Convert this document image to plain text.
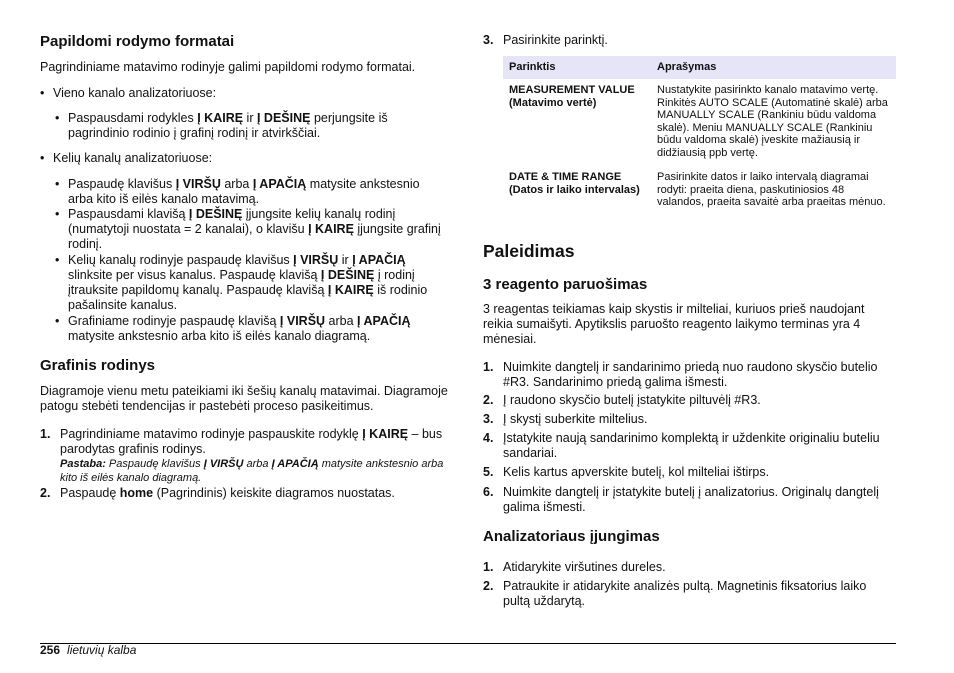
Papildomi rodymo formatai

Pagrindiniame matavimo rodinyje galimi papildomi rodymo formatai.

• Vieno kanalo analizatoriuose:

• Paspausdami rodykles Į KAIRĘ ir Į DEŠINĘ perjungsite iš pagrindinio rodinio į grafinį rodinį ir atvirkščiai.

• Kelių kanalų analizatoriuose:

• Paspaudę klavišus Į VIRŠŲ arba Į APAČIĄ matysite ankstesnio arba kito iš eilės kanalo matavimą.

• Paspausdami klavišą Į DEŠINĘ įjungsite kelių kanalų rodinį (numatytoji nuostata = 2 kanalai), o klavišu Į KAIRĘ įjungsite grafinį rodinį.

• Kelių kanalų rodinyje paspaudę klavišus Į VIRŠŲ ir Į APAČIĄ slinksite per visus kanalus. Paspaudę klavišą Į DEŠINĘ į rodinį įtrauksite papildomų kanalų. Paspaudę klavišą Į KAIRĘ iš rodinio pašalinsite kanalus.

• Grafiniame rodinyje paspaudę klavišą Į VIRŠŲ arba Į APAČIĄ matysite ankstesnio arba kito iš eilės kanalo diagramą.

Grafinis rodinys

Diagramoje vienu metu pateikiami iki šešių kanalų matavimai. Diagramoje patogu stebėti tendencijas ir pastebėti proceso pasikeitimus.

1. Pagrindiniame matavimo rodinyje paspauskite rodyklę Į KAIRĘ – bus parodytas grafinis rodinys.

Pastaba: Paspaudę klavišus Į VIRŠŲ arba Į APAČIĄ matysite ankstesnio arba kito iš eilės kanalo diagramą.

2. Paspaudę home (Pagrindinis) keiskite diagramos nuostatas.

3. Pasirinkite parinktį.

Parinktis	Aprašymas
MEASUREMENT VALUE (Matavimo vertė)	Nustatykite pasirinkto kanalo matavimo vertę. Rinkitės AUTO SCALE (Automatinė skalė) arba MANUALLY SCALE (Rankiniu būdu valdoma skalė). Meniu MANUALLY SCALE (Rankiniu būdu valdoma skalė) įveskite mažiausią ir didžiausią ppb vertę.
DATE & TIME RANGE (Datos ir laiko intervalas)	Pasirinkite datos ir laiko intervalą diagramai rodyti: praeita diena, paskutiniosios 48 valandos, praeita savaitė arba praeitas mėnuo.
Paleidimas
3 reagento paruošimas

3 reagentas teikiamas kaip skystis ir milteliai, kuriuos prieš naudojant reikia sumaišyti. Apytikslis paruošto reagento laikymo terminas yra 4 mėnesiai.

1. Nuimkite dangtelį ir sandarinimo priedą nuo raudono skysčio butelio #R3. Sandarinimo priedą galima išmesti.

2. Į raudono skysčio butelį įstatykite piltuvėlį #R3.

3. Į skystį suberkite miltelius.

4. Įstatykite naują sandarinimo komplektą ir uždenkite originaliu buteliu sandariai.

5. Kelis kartus apverskite butelį, kol milteliai ištirps.

6. Nuimkite dangtelį ir įstatykite butelį į analizatorius. Originalų dangtelį galima išmesti.

Analizatoriaus įjungimas
1. Atidarykite viršutines dureles.

2. Patraukite ir atidarykite analizės pultą. Magnetinis fiksatorius laiko pultą uždarytą.

256 lietuvių kalba
